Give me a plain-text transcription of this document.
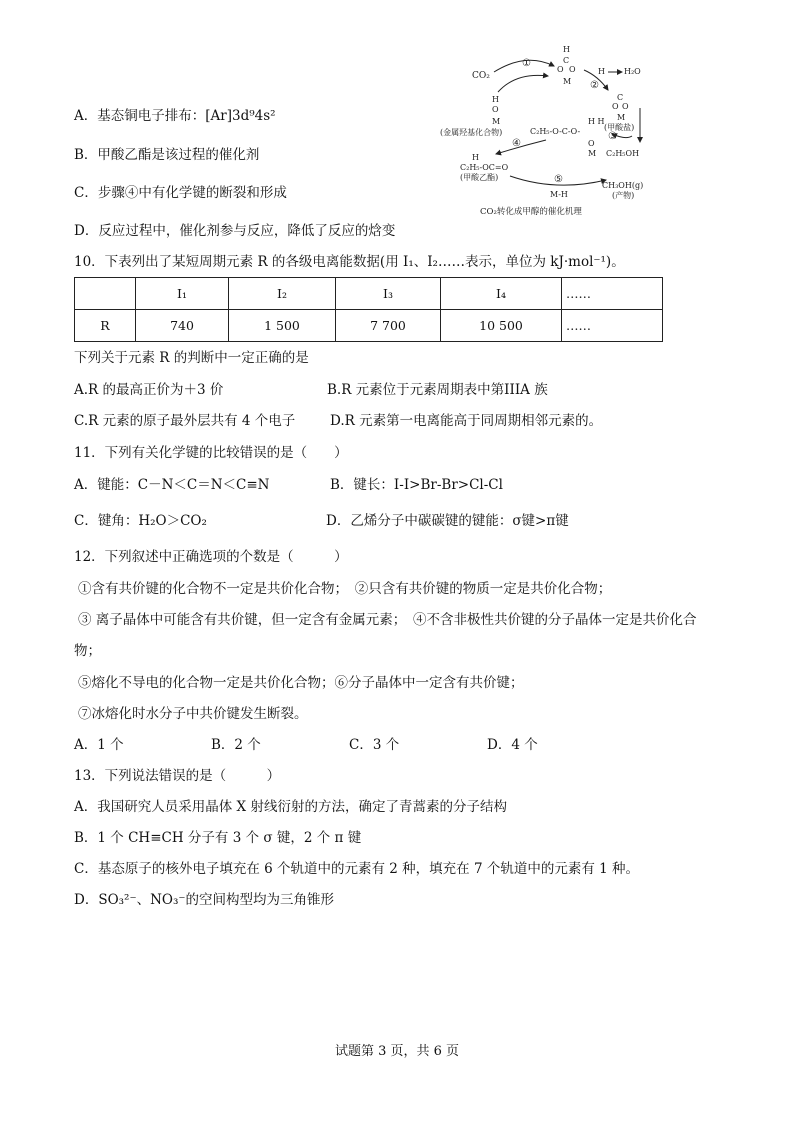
A．基态铜电子排布：[Ar]3d⁹4s²
B．甲酸乙酯是该过程的催化剂
C．步骤④中有化学键的断裂和形成
D．反应过程中，催化剂参与反应，降低了反应的焓变
CO₂
①
H
C
O O
M ②
H H₂O
C
O O
M
(甲酸盐)
H
O
M
(金属羟基化合物)
H H
C₂H₅-O-C-O-
O
M
③
④
C₂H₅OH
H
C₂H₅-OC=O
(甲酸乙酯)	⑤
M-H
CH₃OH(g)
(产物)
CO₂转化成甲醇的催化机理
10．下表列出了某短周期元素 R 的各级电离能数据(用 I₁、I₂……表示，单位为 kJ·mol⁻¹)。
	I₁	I₂	I₃	I₄	……
R	740	1 500	7 700	10 500	……
下列关于元素 R 的判断中一定正确的是
A.R 的最高正价为＋3 价	B.R 元素位于元素周期表中第IIIA 族
C.R 元素的原子最外层共有 4 个电子	D.R 元素第一电离能高于同周期相邻元素的。
11．下列有关化学键的比较错误的是（　　）
A．键能：C－N＜C＝N＜C≡N	B．键长：I-I>Br-Br>Cl-Cl
C．键角：H₂O＞CO₂	D．乙烯分子中碳碳键的键能：σ键>π键
12．下列叙述中正确选项的个数是（　　　）
①含有共价键的化合物不一定是共价化合物；　②只含有共价键的物质一定是共价化合物；
③ 离子晶体中可能含有共价键，但一定含有金属元素；　④不含非极性共价键的分子晶体一定是共价化合
物；
⑤熔化不导电的化合物一定是共价化合物；⑥分子晶体中一定含有共价键；
⑦冰熔化时水分子中共价键发生断裂。
A．1 个	B．2 个	C．3 个	D．4 个
13．下列说法错误的是（　　　）
A．我国研究人员采用晶体 X 射线衍射的方法，确定了青蒿素的分子结构
B．1 个 CH≡CH 分子有 3 个 σ 键，2 个 π 键
C．基态原子的核外电子填充在 6 个轨道中的元素有 2 种，填充在 7 个轨道中的元素有 1 种。
D．SO₃²⁻、NO₃⁻的空间构型均为三角锥形
试题第 3 页，共 6 页
